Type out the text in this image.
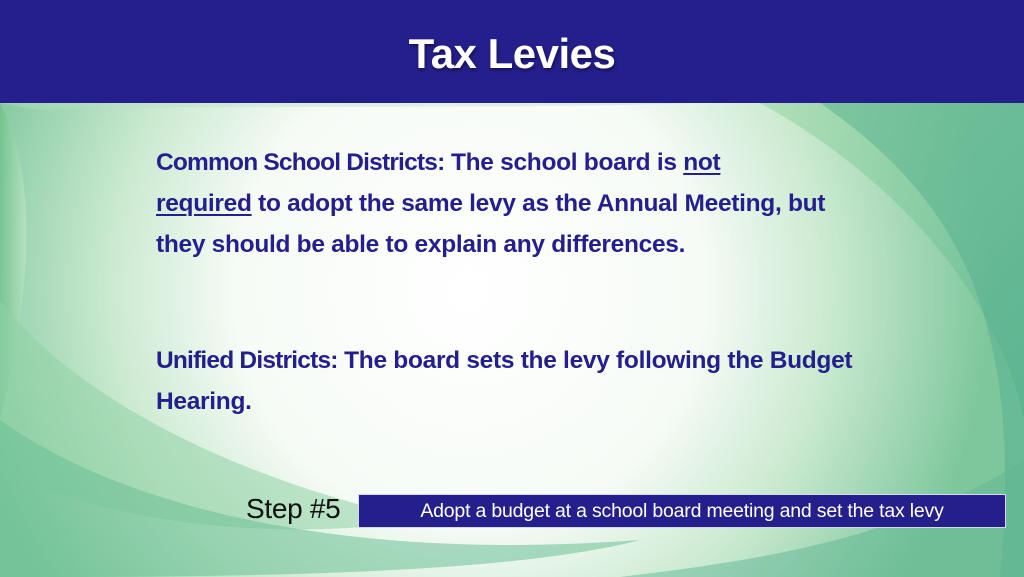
Tax Levies
Common School Districts: The school board is not
required to adopt the same levy as the Annual Meeting, but they should be able to explain any differences.
Unified Districts: The board sets the levy following the Budget Hearing.
Step #5	Adopt a budget at a school board meeting and set the tax levy
